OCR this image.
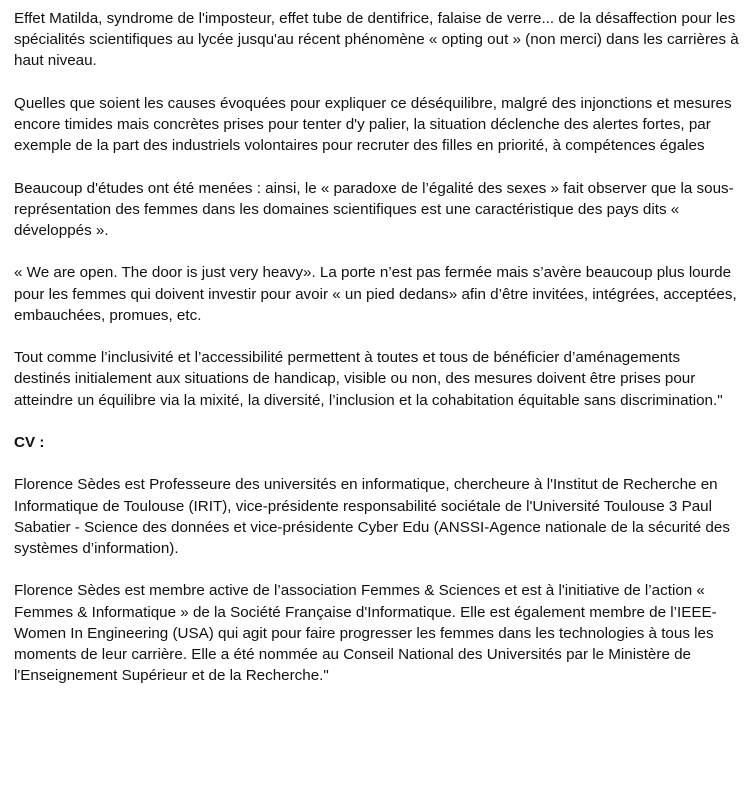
Effet Matilda, syndrome de l'imposteur, effet tube de dentifrice, falaise de verre... de la désaffection pour les spécialités scientifiques au lycée jusqu'au récent phénomène « opting out » (non merci) dans les carrières à haut niveau.

Quelles que soient les causes évoquées pour expliquer ce déséquilibre, malgré des injonctions et mesures encore timides mais concrètes prises pour tenter d'y palier, la situation déclenche des alertes fortes, par exemple de la part des industriels volontaires pour recruter des filles en priorité, à compétences égales

Beaucoup d'études ont été menées : ainsi, le « paradoxe de l’égalité des sexes » fait observer que la sous-représentation des femmes dans les domaines scientifiques est une caractéristique des pays dits « développés ».

« We are open. The door is just very heavy». La porte n’est pas fermée mais s’avère beaucoup plus lourde pour les femmes qui doivent investir pour avoir « un pied dedans» afin d’être invitées, intégrées, acceptées, embauchées, promues, etc.

Tout comme l’inclusivité et l’accessibilité permettent à toutes et tous de bénéficier d’aménagements destinés initialement aux situations de handicap, visible ou non, des mesures doivent être prises pour atteindre un équilibre via la mixité, la diversité, l’inclusion et la cohabitation équitable sans discrimination."

CV :

Florence Sèdes est Professeure des universités en informatique, chercheure à l'Institut de Recherche en Informatique de Toulouse (IRIT), vice-présidente responsabilité sociétale de l'Université Toulouse 3 Paul Sabatier - Science des données et vice-présidente Cyber Edu (ANSSI-Agence nationale de la sécurité des systèmes d’information).

Florence Sèdes est membre active de l’association Femmes & Sciences et est à l'initiative de l’action « Femmes & Informatique » de la Société Française d'Informatique. Elle est également membre de l’IEEE-Women In Engineering (USA) qui agit pour faire progresser les femmes dans les technologies à tous les moments de leur carrière. Elle a été nommée au Conseil National des Universités par le Ministère de l'Enseignement Supérieur et de la Recherche."
